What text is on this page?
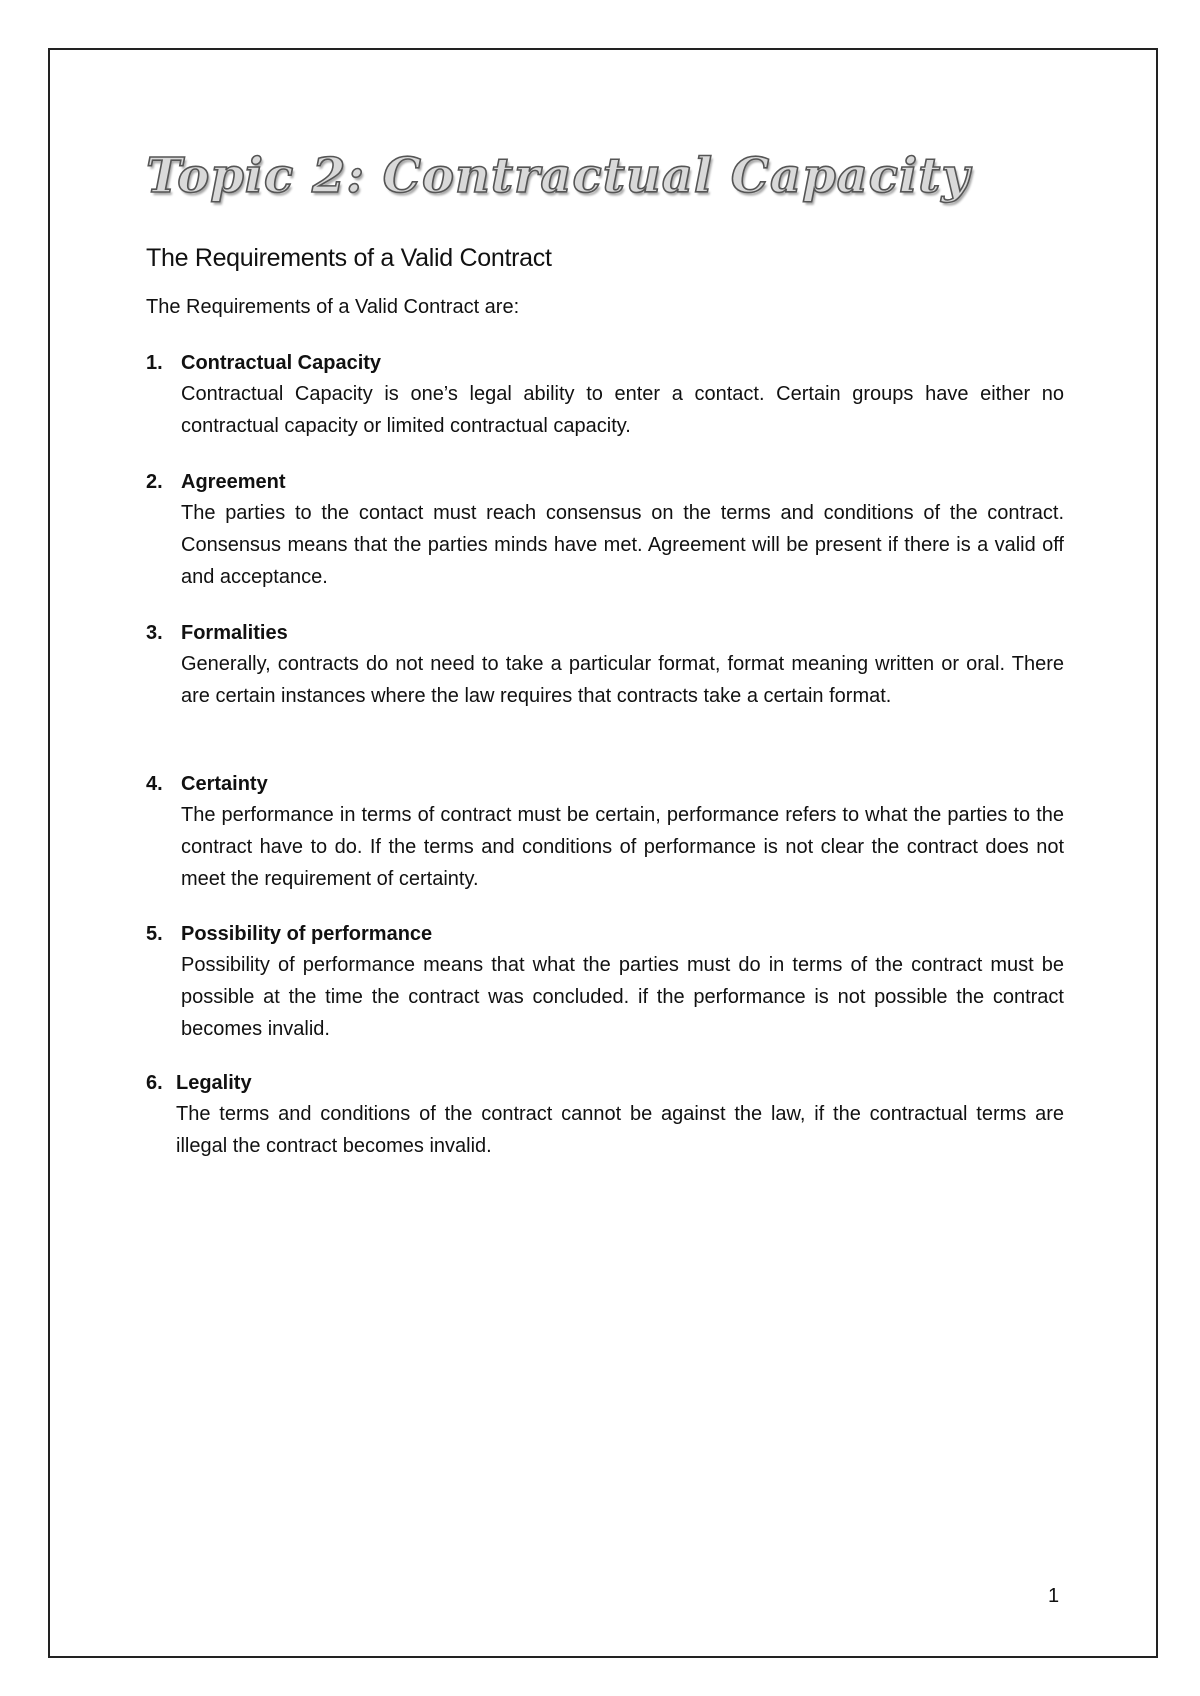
Topic 2: Contractual Capacity
The Requirements of a Valid Contract
The Requirements of a Valid Contract are:
1. Contractual Capacity
Contractual Capacity is one’s legal ability to enter a contact. Certain groups have either no contractual capacity or limited contractual capacity.
2. Agreement
The parties to the contact must reach consensus on the terms and conditions of the contract. Consensus means that the parties minds have met. Agreement will be present if there is a valid off and acceptance.
3. Formalities
Generally, contracts do not need to take a particular format, format meaning written or oral. There are certain instances where the law requires that contracts take a certain format.
4. Certainty
The performance in terms of contract must be certain, performance refers to what the parties to the contract have to do. If the terms and conditions of performance is not clear the contract does not meet the requirement of certainty.
5. Possibility of performance
Possibility of performance means that what the parties must do in terms of the contract must be possible at the time the contract was concluded. if the performance is not possible the contract becomes invalid.
6. Legality
The terms and conditions of the contract cannot be against the law, if the contractual terms are illegal the contract becomes invalid.
1
